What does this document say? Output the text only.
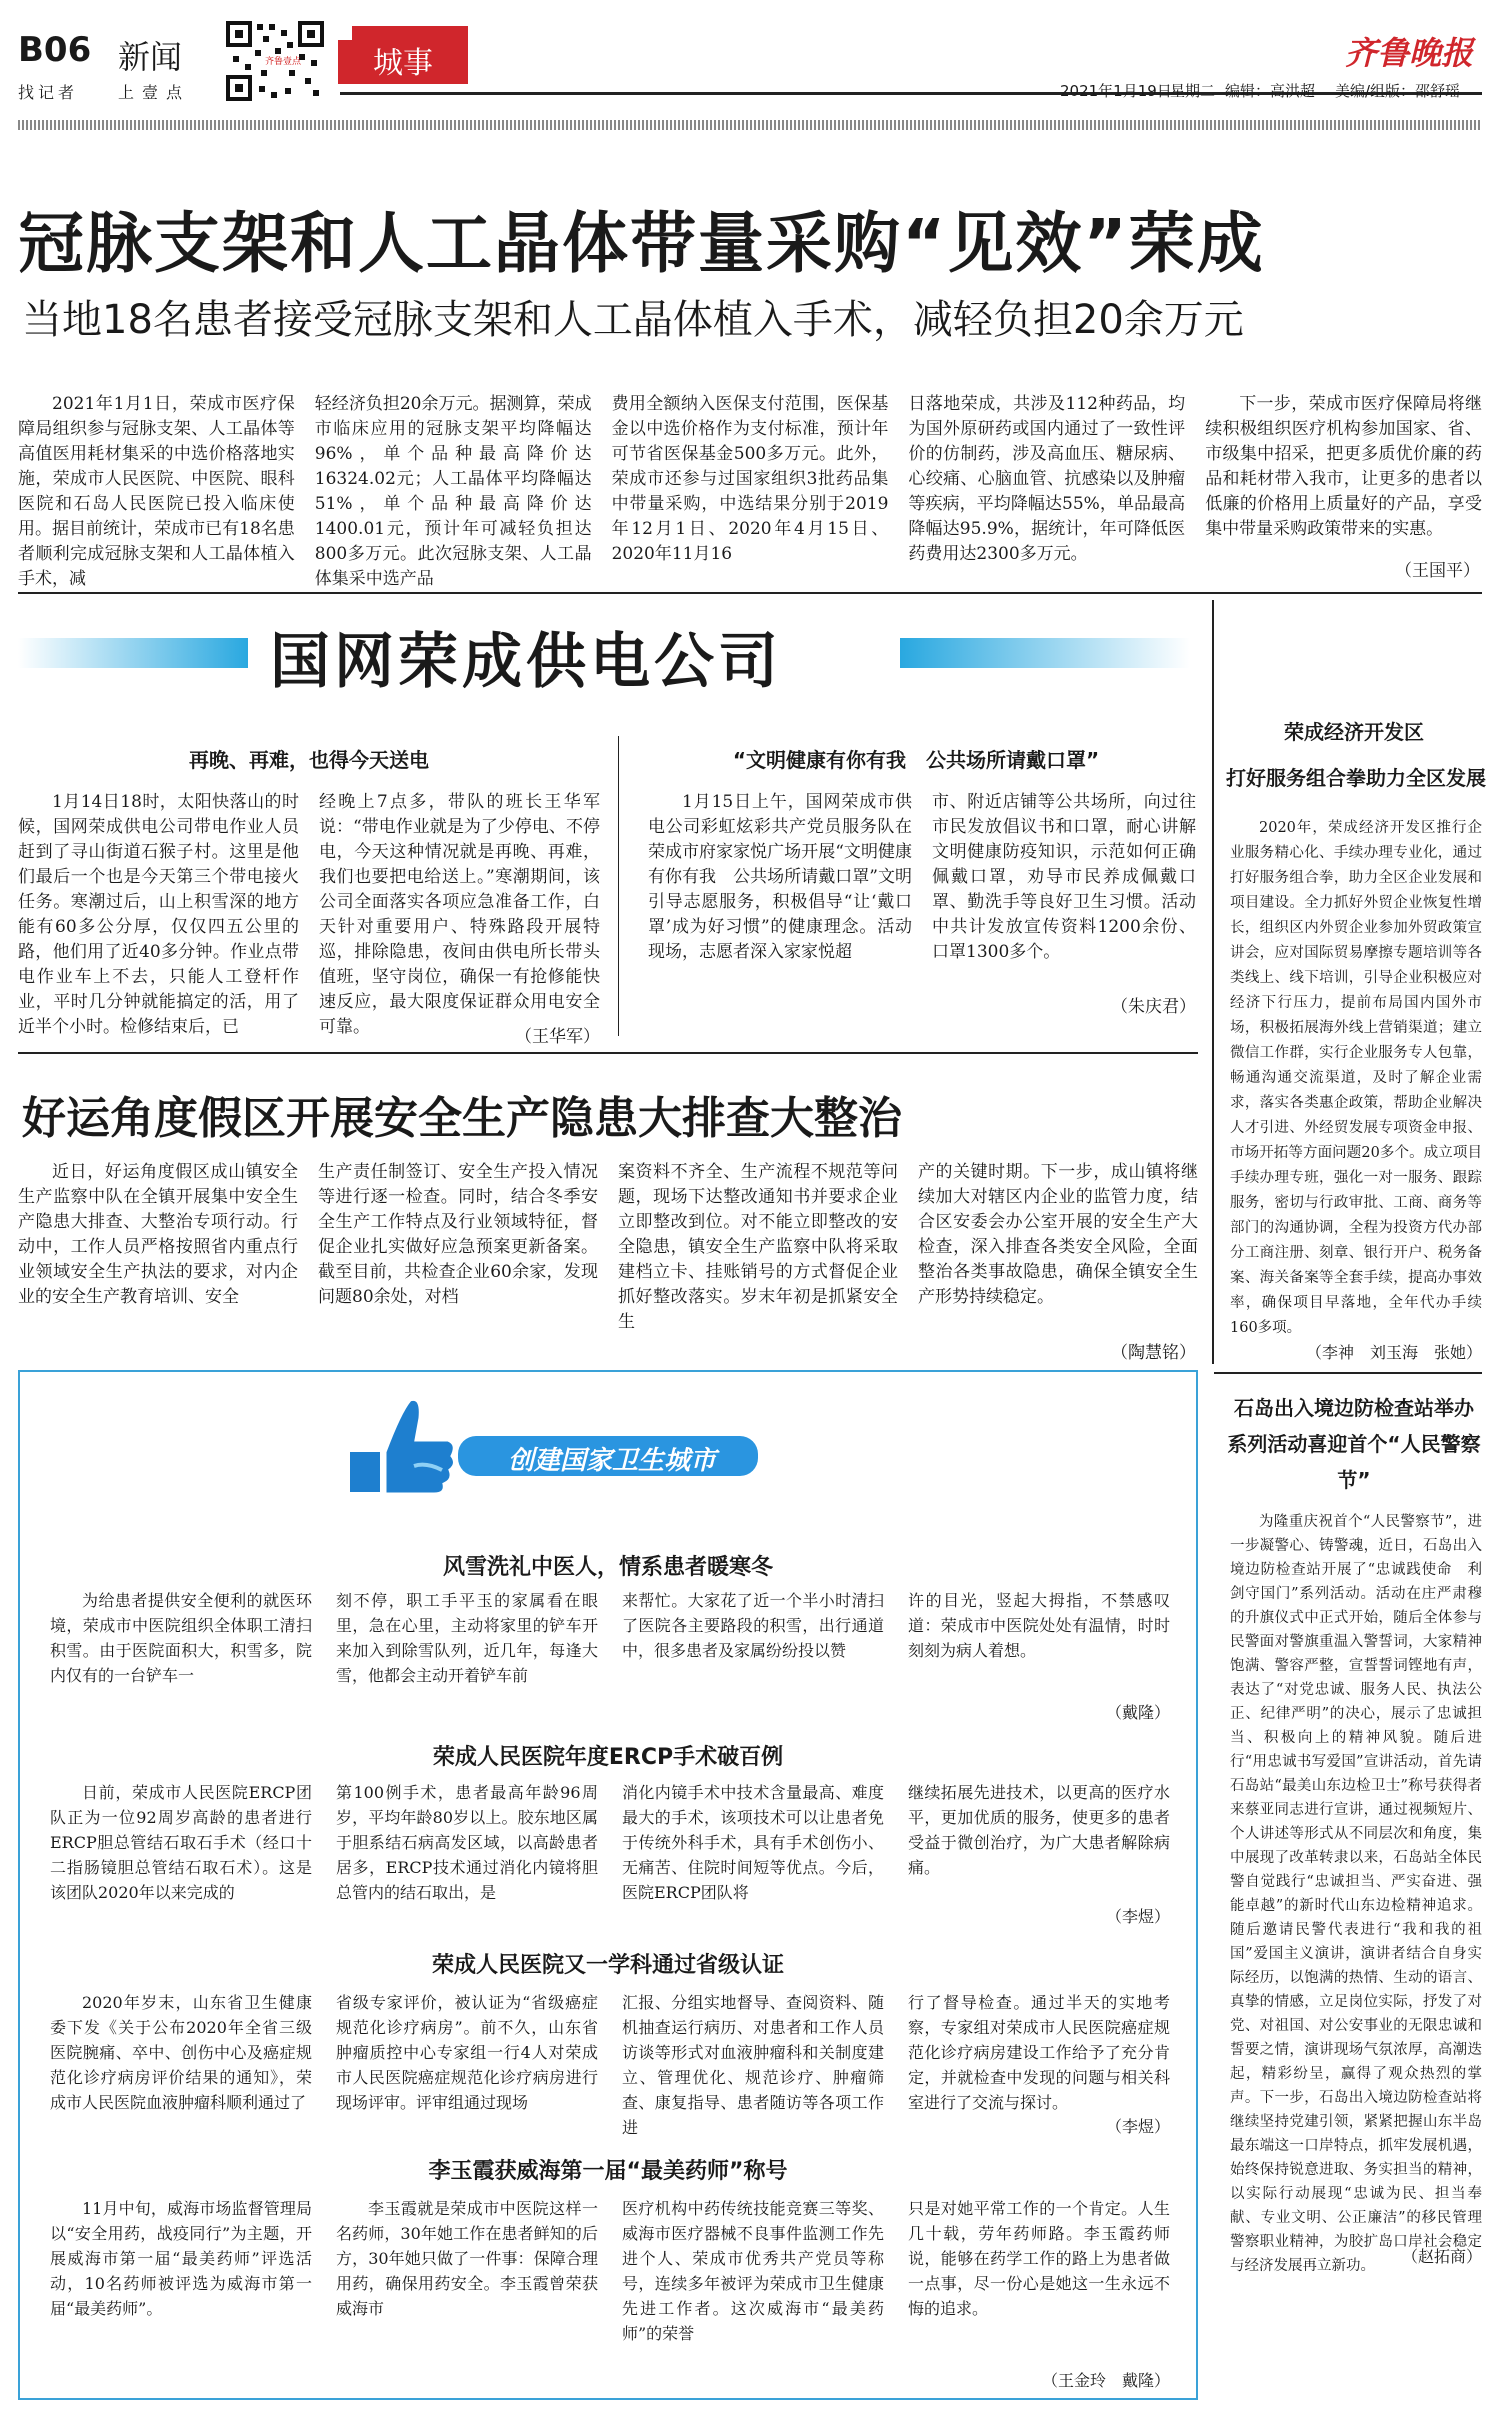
B06 新闻
找记者 上壹点
齐鲁壹点	城事	齐鲁晚报
2021年1月19日
星期二 编辑：高洪超 美编/组版：邵舒瑶
冠脉支架和人工晶体带量采购“见效”荣成
当地18名患者接受冠脉支架和人工晶体植入手术，减轻负担20余万元
2021年1月1日，荣成市医疗保障局组织参与冠脉支架、人工晶体等高值医用耗材集采的中选价格落地实施，荣成市人民医院、中医院、眼科医院和石岛人民医院已投入临床使用。据目前统计，荣成市已有18名患者顺利完成冠脉支架和人工晶体植入手术，减
轻经济负担20余万元。据测算，荣成市临床应用的冠脉支架平均降幅达96%，单个品种最高降价达16324.02元；人工晶体平均降幅达51%，单个品种最高降价达1400.01元，预计年可减轻负担达800多万元。此次冠脉支架、人工晶体集采中选产品
费用全额纳入医保支付范围，医保基金以中选价格作为支付标准，预计年可节省医保基金500多万元。此外，荣成市还参与过国家组织3批药品集中带量采购，中选结果分别于2019年12月1日、2020年4月15日、2020年11月16
日落地荣成，共涉及112种药品，均为国外原研药或国内通过了一致性评价的仿制药，涉及高血压、糖尿病、心绞痛、心脑血管、抗感染以及肿瘤等疾病，平均降幅达55%，单品最高降幅达95.9%，据统计，年可降低医药费用达2300多万元。
下一步，荣成市医疗保障局将继续积极组织医疗机构参加国家、省、市级集中招采，把更多质优价廉的药品和耗材带入我市，让更多的患者以低廉的价格用上质量好的产品，享受集中带量采购政策带来的实惠。
（王国平）
国网荣成供电公司
再晚、再难，也得今天送电
1月14日18时，太阳快落山的时候，国网荣成供电公司带电作业人员赶到了寻山街道石猴子村。这里是他们最后一个也是今天第三个带电接火任务。寒潮过后，山上积雪深的地方能有60多公分厚，仅仅四五公里的路，他们用了近40多分钟。作业点带电作业车上不去，只能人工登杆作业，平时几分钟就能搞定的活，用了近半个小时。检修结束后，已
经晚上7点多，带队的班长王华军说：“带电作业就是为了少停电、不停电，今天这种情况就是再晚、再难，我们也要把电给送上。”寒潮期间，该公司全面落实各项应急准备工作，白天针对重要用户、特殊路段开展特巡，排除隐患，夜间由供电所长带头值班，坚守岗位，确保一有抢修能快速反应，最大限度保证群众用电安全可靠。	（王华军）
“文明健康有你有我　公共场所请戴口罩”
1月15日上午，国网荣成市供电公司彩虹炫彩共产党员服务队在荣成市府家家悦广场开展“文明健康有你有我　公共场所请戴口罩”文明引导志愿服务，积极倡导“让‘戴口罩’成为好习惯”的健康理念。活动现场，志愿者深入家家悦超
市、附近店铺等公共场所，向过往市民发放倡议书和口罩，耐心讲解文明健康防疫知识，示范如何正确佩戴口罩，劝导市民养成佩戴口罩、勤洗手等良好卫生习惯。活动中共计发放宣传资料1200余份、口罩1300多个。
（朱庆君）
好运角度假区开展安全生产隐患大排查大整治
近日，好运角度假区成山镇安全生产监察中队在全镇开展集中安全生产隐患大排查、大整治专项行动。行动中，工作人员严格按照省内重点行业领域安全生产执法的要求，对内企业的安全生产教育培训、安全
生产责任制签订、安全生产投入情况等进行逐一检查。同时，结合冬季安全生产工作特点及行业领域特征，督促企业扎实做好应急预案更新备案。截至目前，共检查企业60余家，发现问题80余处，对档
案资料不齐全、生产流程不规范等问题，现场下达整改通知书并要求企业立即整改到位。对不能立即整改的安全隐患，镇安全生产监察中队将采取建档立卡、挂账销号的方式督促企业抓好整改落实。岁末年初是抓紧安全生
产的关键时期。下一步，成山镇将继续加大对辖区内企业的监管力度，结合区安委会办公室开展的安全生产大检查，深入排查各类安全风险，全面整治各类事故隐患，确保全镇安全生产形势持续稳定。
（陶慧铭）
荣成经济开发区
打好服务组合拳助力全区发展
2020年，荣成经济开发区推行企业服务精心化、手续办理专业化，通过打好服务组合拳，助力全区企业发展和项目建设。全力抓好外贸企业恢复性增长，组织区内外贸企业参加外贸政策宣讲会，应对国际贸易摩擦专题培训等各类线上、线下培训，引导企业积极应对经济下行压力，提前布局国内国外市场，积极拓展海外线上营销渠道；建立微信工作群，实行企业服务专人包靠，畅通沟通交流渠道，及时了解企业需求，落实各类惠企政策，帮助企业解决人才引进、外经贸发展专项资金申报、市场开拓等方面问题20多个。成立项目手续办理专班，强化一对一服务、跟踪服务，密切与行政审批、工商、商务等部门的沟通协调，全程为投资方代办部分工商注册、刻章、银行开户、税务备案、海关备案等全套手续，提高办事效率，确保项目早落地，全年代办手续160多项。
（李神　刘玉海　张她）
石岛出入境边防检查站举办系列活动喜迎首个“人民警察节”
为隆重庆祝首个“人民警察节”，进一步凝警心、铸警魂，近日，石岛出入境边防检查站开展了“忠诚践使命　利剑守国门”系列活动。活动在庄严肃穆的升旗仪式中正式开始，随后全体参与民警面对警旗重温入警誓词，大家精神饱满、警容严整，宣誓誓词铿地有声，表达了“对党忠诚、服务人民、执法公正、纪律严明”的决心，展示了忠诚担当、积极向上的精神风貌。随后进行“用忠诚书写爱国”宣讲活动，首先请石岛站“最美山东边检卫士”称号获得者来蔡亚同志进行宣讲，通过视频短片、个人讲述等形式从不同层次和角度，集中展现了改革转隶以来，石岛站全体民警自觉践行“忠诚担当、严实奋进、强能卓越”的新时代山东边检精神追求。随后邀请民警代表进行“我和我的祖国”爱国主义演讲，演讲者结合自身实际经历，以饱满的热情、生动的语言、真挚的情感，立足岗位实际，抒发了对党、对祖国、对公安事业的无限忠诚和誓要之情，演讲现场气氛浓厚，高潮迭起，精彩纷呈，赢得了观众热烈的掌声。下一步，石岛出入境边防检查站将继续坚持党建引领，紧紧把握山东半岛最东端这一口岸特点，抓牢发展机遇，始终保持锐意进取、务实担当的精神，以实际行动展现“忠诚为民、担当奉献、专业文明、公正廉洁”的移民管理警察职业精神，为胶扩岛口岸社会稳定与经济发展再立新功。	（赵拓商）
创建国家卫生城市
风雪洗礼中医人，情系患者暖寒冬
为给患者提供安全便利的就医环境，荣成市中医院组织全体职工清扫积雪。由于医院面积大，积雪多，院内仅有的一台铲车一
刻不停，职工手平玉的家属看在眼里，急在心里，主动将家里的铲车开来加入到除雪队列，近几年，每逢大雪，他都会主动开着铲车前
来帮忙。大家花了近一个半小时清扫了医院各主要路段的积雪，出行通道中，很多患者及家属纷纷投以赞
许的目光，竖起大拇指，不禁感叹道：荣成市中医院处处有温情，时时刻刻为病人着想。
（戴隆）
荣成人民医院年度ERCP手术破百例
日前，荣成市人民医院ERCP团队正为一位92周岁高龄的患者进行ERCP胆总管结石取石手术（经口十二指肠镜胆总管结石取石术）。这是该团队2020年以来完成的
第100例手术，患者最高年龄96周岁，平均年龄80岁以上。胶东地区属于胆系结石病高发区域，以高龄患者居多，ERCP技术通过消化内镜将胆总管内的结石取出，是
消化内镜手术中技术含量最高、难度最大的手术，该项技术可以让患者免于传统外科手术，具有手术创伤小、无痛苦、住院时间短等优点。今后，医院ERCP团队将
继续拓展先进技术，以更高的医疗水平，更加优质的服务，使更多的患者受益于微创治疗，为广大患者解除病痛。
（李煜）
荣成人民医院又一学科通过省级认证
2020年岁末，山东省卫生健康委下发《关于公布2020年全省三级医院腕痛、卒中、创伤中心及癌症规范化诊疗病房评价结果的通知》，荣成市人民医院血液肿瘤科顺利通过了
省级专家评价，被认证为“省级癌症规范化诊疗病房”。前不久，山东省肿瘤质控中心专家组一行4人对荣成市人民医院癌症规范化诊疗病房进行现场评审。评审组通过现场
汇报、分组实地督导、查阅资料、随机抽查运行病历、对患者和工作人员访谈等形式对血液肿瘤科和关制度建立、管理优化、规范诊疗、肿瘤筛查、康复指导、患者随访等各项工作进
行了督导检查。通过半天的实地考察，专家组对荣成市人民医院癌症规范化诊疗病房建设工作给予了充分肯定，并就检查中发现的问题与相关科室进行了交流与探讨。
（李煜）
李玉霞获威海第一届“最美药师”称号
11月中旬，威海市场监督管理局以“安全用药，战疫同行”为主题，开展威海市第一届“最美药师”评选活动，10名药师被评选为威海市第一届“最美药师”。
李玉霞就是荣成市中医院这样一名药师，30年她工作在患者鲜知的后方，30年她只做了一件事：保障合理用药，确保用药安全。李玉霞曾荣获威海市
医疗机构中药传统技能竞赛三等奖、威海市医疗器械不良事件监测工作先进个人、荣成市优秀共产党员等称号，连续多年被评为荣成市卫生健康先进工作者。这次威海市“最美药师”的荣誉
只是对她平常工作的一个肯定。人生几十载，劳年药师路。李玉霞药师说，能够在药学工作的路上为患者做一点事，尽一份心是她这一生永远不悔的追求。
（王金玲　戴隆）
